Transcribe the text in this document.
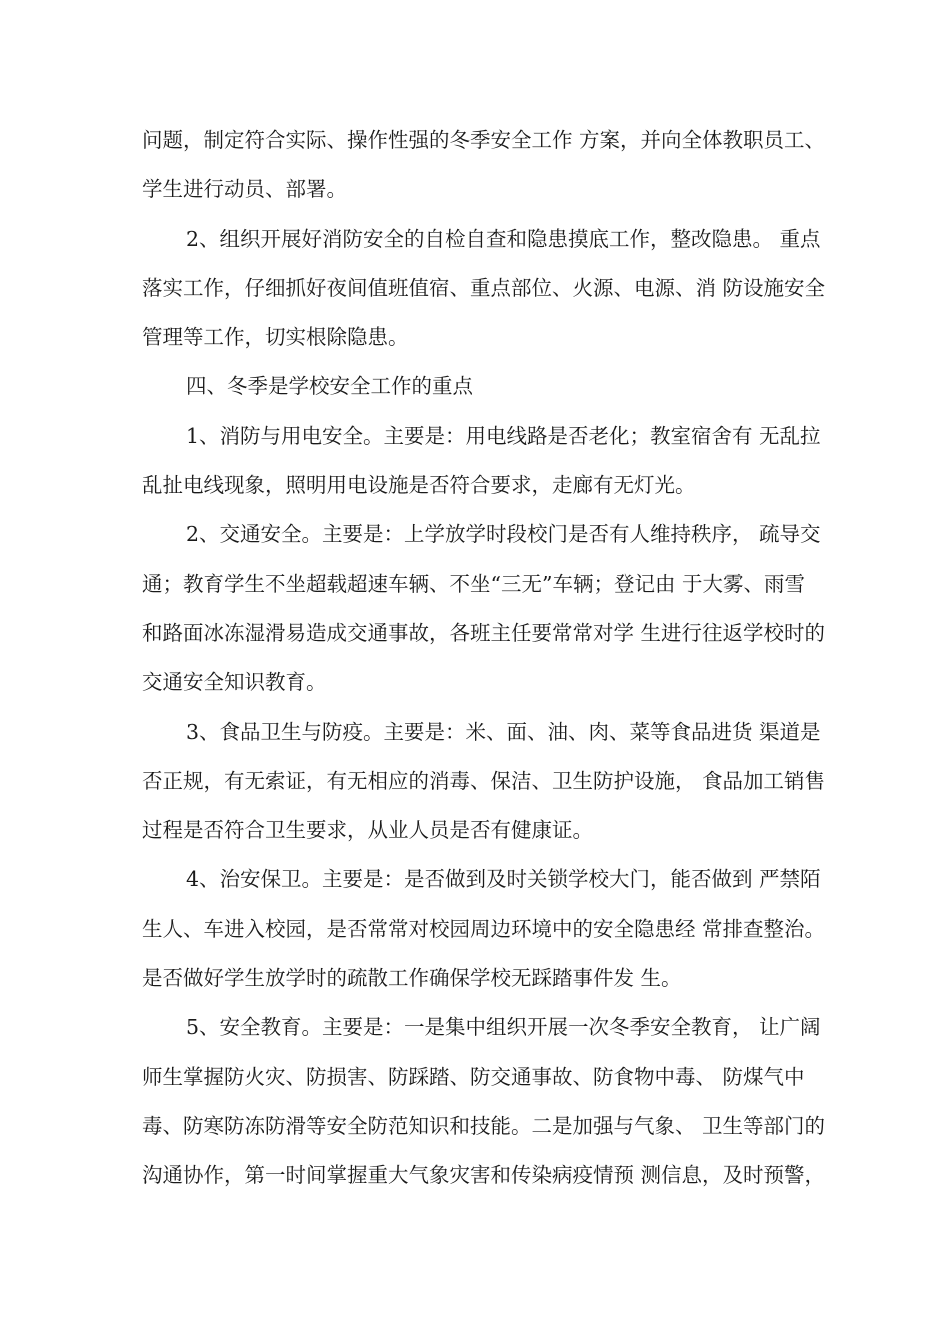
问题，制定符合实际、操作性强的冬季安全工作 方案，并向全体教职员工、
学生进行动员、部署。
2、组织开展好消防安全的自检自查和隐患摸底工作，整改隐患。 重点
落实工作，仔细抓好夜间值班值宿、重点部位、火源、电源、消 防设施安全
管理等工作，切实根除隐患。
四、冬季是学校安全工作的重点
1、消防与用电安全。主要是：用电线路是否老化；教室宿舍有 无乱拉
乱扯电线现象，照明用电设施是否符合要求，走廊有无灯光。
2、交通安全。主要是：上学放学时段校门是否有人维持秩序， 疏导交
通；教育学生不坐超载超速车辆、不坐“三无”车辆；登记由 于大雾、雨雪
和路面冰冻湿滑易造成交通事故，各班主任要常常对学 生进行往返学校时的
交通安全知识教育。
3、食品卫生与防疫。主要是：米、面、油、肉、菜等食品进货 渠道是
否正规，有无索证，有无相应的消毒、保洁、卫生防护设施， 食品加工销售
过程是否符合卫生要求，从业人员是否有健康证。
4、治安保卫。主要是：是否做到及时关锁学校大门，能否做到 严禁陌
生人、车进入校园，是否常常对校园周边环境中的安全隐患经 常排查整治。
是否做好学生放学时的疏散工作确保学校无踩踏事件发 生。
5、安全教育。主要是：一是集中组织开展一次冬季安全教育， 让广阔
师生掌握防火灾、防损害、防踩踏、防交通事故、防食物中毒、 防煤气中
毒、防寒防冻防滑等安全防范知识和技能。二是加强与气象、 卫生等部门的
沟通协作，第一时间掌握重大气象灾害和传染病疫情预 测信息，及时预警，
